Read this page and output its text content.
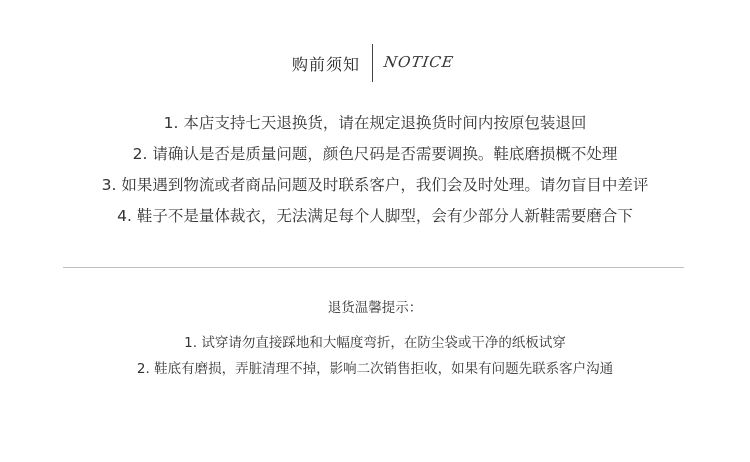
购前须知 NOTICE
1. 本店支持七天退换货，请在规定退换货时间内按原包装退回
2. 请确认是否是质量问题，颜色尺码是否需要调换。鞋底磨损概不处理
3. 如果遇到物流或者商品问题及时联系客户，我们会及时处理。请勿盲目中差评
4. 鞋子不是量体裁衣，无法满足每个人脚型，会有少部分人新鞋需要磨合下
退货温馨提示：
1. 试穿请勿直接踩地和大幅度弯折，在防尘袋或干净的纸板试穿
2. 鞋底有磨损，弄脏清理不掉，影响二次销售拒收，如果有问题先联系客户沟通
